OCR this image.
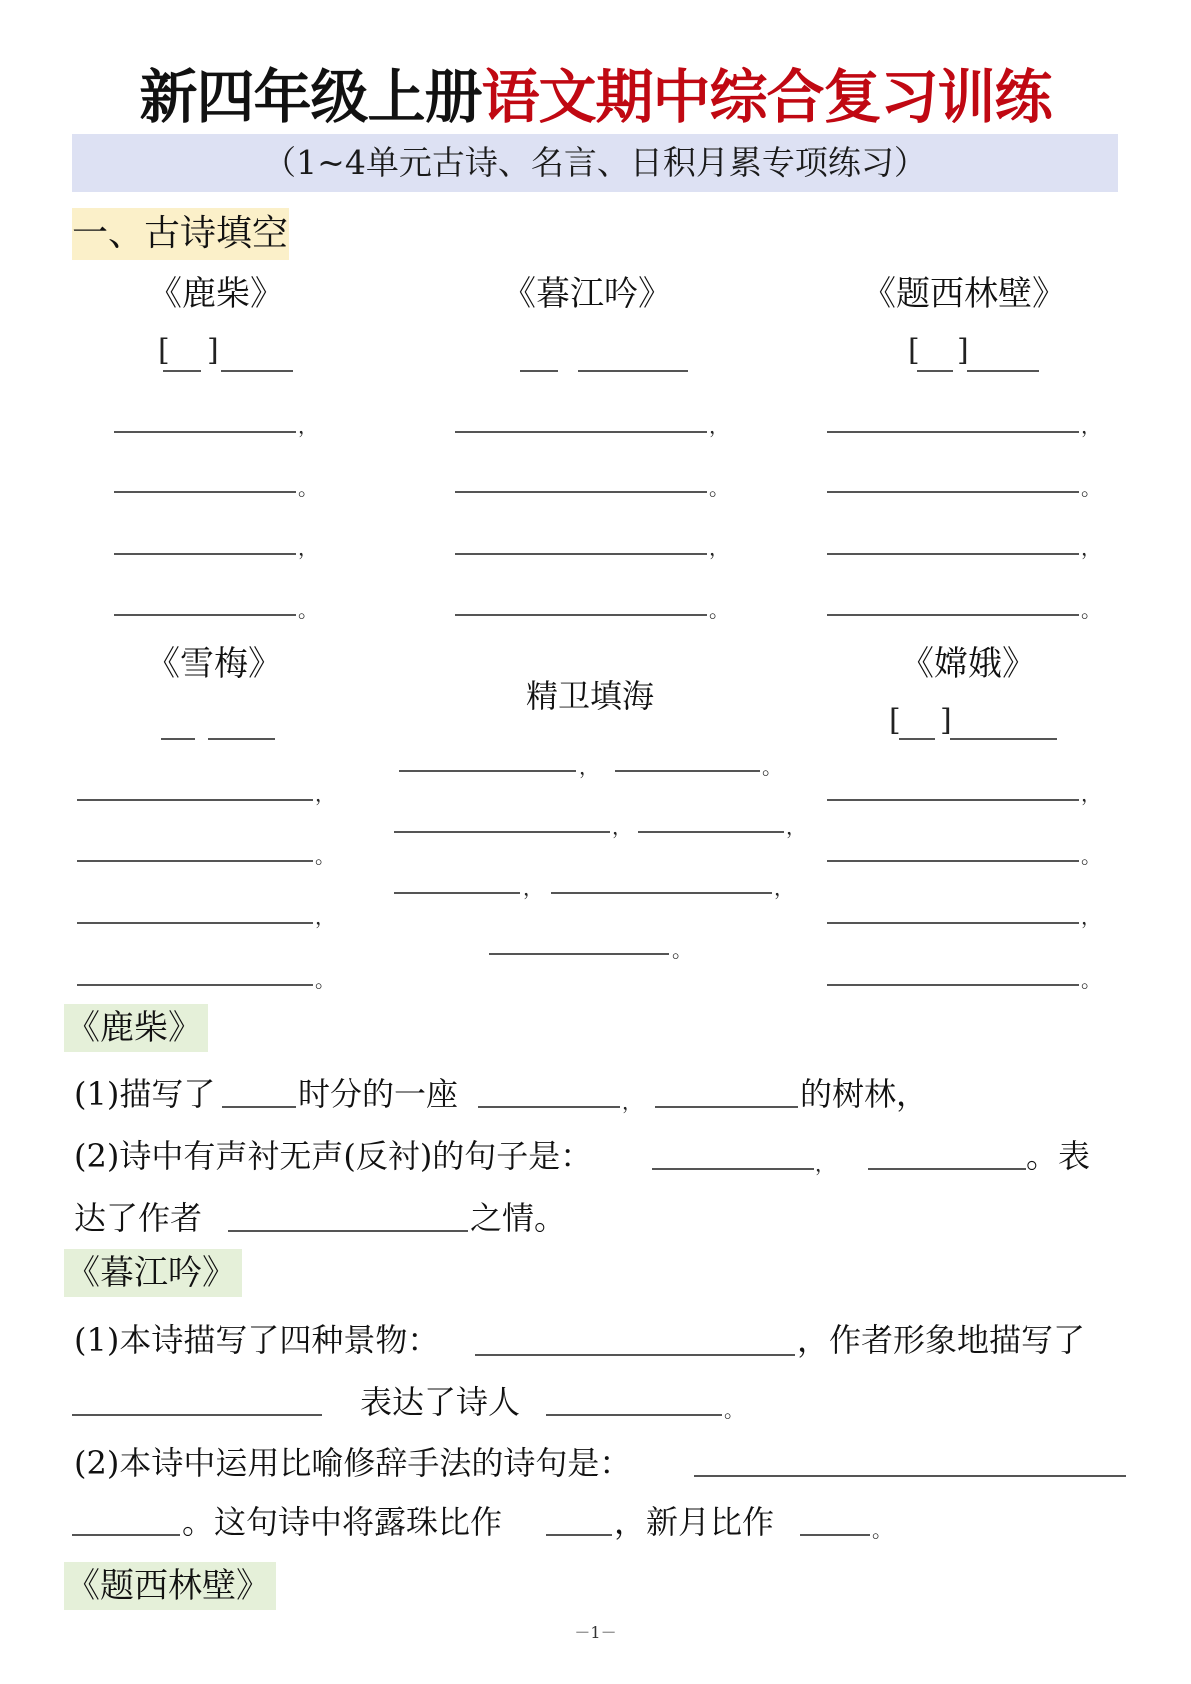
新四年级上册语文期中综合复习训练
（1~4单元古诗、名言、日积月累专项练习）
一、古诗填空
《鹿柴》
[ ]
，
。
，
。
《暮江吟》
，
。
，
。
《题西林壁》
[ ]
，
。
，
。
《雪梅》
，
。
，
。
精卫填海
，	。
，	，
，	，
。
《嫦娥》
[ ]
，
。
，
。
《鹿柴》
(1)描写了	时分的一座	，	的树林，
(2)诗中有声衬无声(反衬)的句子是：	，	。表
达了作者	之情。
《暮江吟》
(1)本诗描写了四种景物：	，作者形象地描写了
表达了诗人	。
(2)本诗中运用比喻修辞手法的诗句是：
。这句诗中将露珠比作	，新月比作	。
《题西林壁》
－1－
